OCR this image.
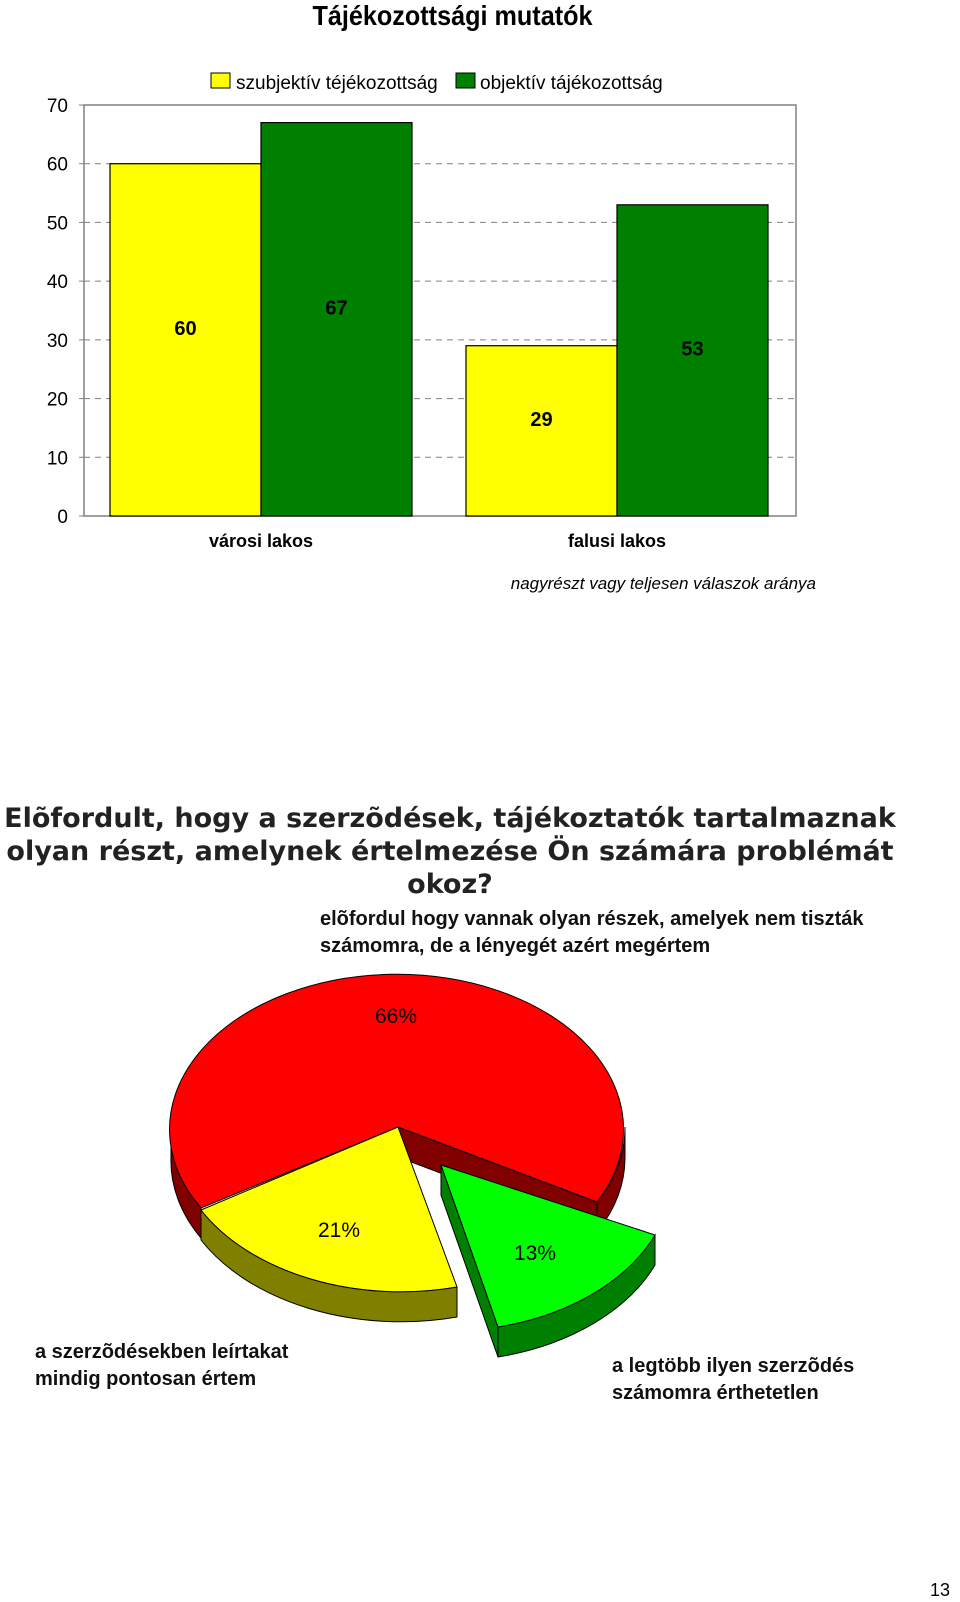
Tájékozottsági mutatók
0
10
20
30
40
50
60
70
60
67
29
53
városi lakos	falusi lakos
szubjektív téjékozottság objektív tájékozottság
nagyrészt vagy teljesen válaszok aránya
Elõfordult, hogy a szerzõdések, tájékoztatók tartalmaznak olyan részt, amelynek értelmezése Ön számára problémát okoz?
66%
21%
13%
elõfordul hogy vannak olyan részek, amelyek nem tiszták számomra, de a lényegét azért megértem
a szerzõdésekben leírtakat mindig pontosan értem
a legtöbb ilyen szerzõdés számomra érthetetlen
13
